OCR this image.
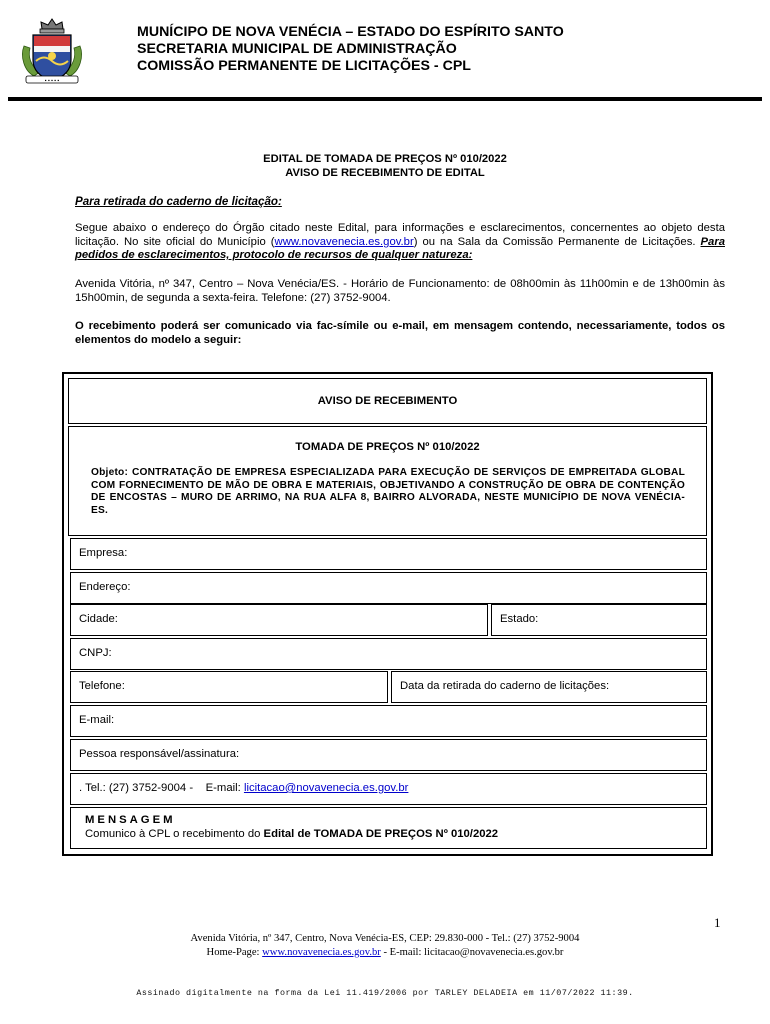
▪ ▪ ▪ ▪ ▪
MUNÍCIPO DE NOVA VENÉCIA – ESTADO DO ESPÍRITO SANTO
SECRETARIA MUNICIPAL DE ADMINISTRAÇÃO
COMISSÃO PERMANENTE DE LICITAÇÕES - CPL
EDITAL DE TOMADA DE PREÇOS Nº 010/2022
AVISO DE RECEBIMENTO DE EDITAL
Para retirada do caderno de licitação:
Segue abaixo o endereço do Órgão citado neste Edital, para informações e esclarecimentos, concernentes ao objeto desta licitação. No site oficial do Município (www.novavenecia.es.gov.br) ou na Sala da Comissão Permanente de Licitações. Para pedidos de esclarecimentos, protocolo de recursos de qualquer natureza:
Avenida Vitória, nº 347, Centro – Nova Venécia/ES. - Horário de Funcionamento: de 08h00min às 11h00min e de 13h00min às 15h00min, de segunda a sexta-feira. Telefone: (27) 3752-9004.
O recebimento poderá ser comunicado via fac-símile ou e-mail, em mensagem contendo, necessariamente, todos os elementos do modelo a seguir:
AVISO DE RECEBIMENTO
TOMADA DE PREÇOS Nº 010/2022
Objeto: CONTRATAÇÃO DE EMPRESA ESPECIALIZADA PARA EXECUÇÃO DE SERVIÇOS DE EMPREITADA GLOBAL COM FORNECIMENTO DE MÃO DE OBRA E MATERIAIS, OBJETIVANDO A CONSTRUÇÃO DE OBRA DE CONTENÇÃO DE ENCOSTAS – MURO DE ARRIMO, NA RUA ALFA 8, BAIRRO ALVORADA, NESTE MUNICÍPIO DE NOVA VENÉCIA-ES.
Empresa:
Endereço:
Cidade:	Estado:
CNPJ:
Telefone:	Data da retirada do caderno de licitações:
E-mail:
Pessoa responsável/assinatura:
. Tel.: (27) 3752-9004 -    E-mail: licitacao@novavenecia.es.gov.br
MENSAGEM
Comunico à CPL o recebimento do Edital de TOMADA DE PREÇOS Nº 010/2022
1
Avenida Vitória, nº 347, Centro, Nova Venécia-ES, CEP: 29.830-000 - Tel.: (27) 3752-9004
Home-Page: www.novavenecia.es.gov.br - E-mail: licitacao@novavenecia.es.gov.br
Assinado digitalmente na forma da Lei 11.419/2006 por TARLEY DELADEIA em 11/07/2022 11:39.
